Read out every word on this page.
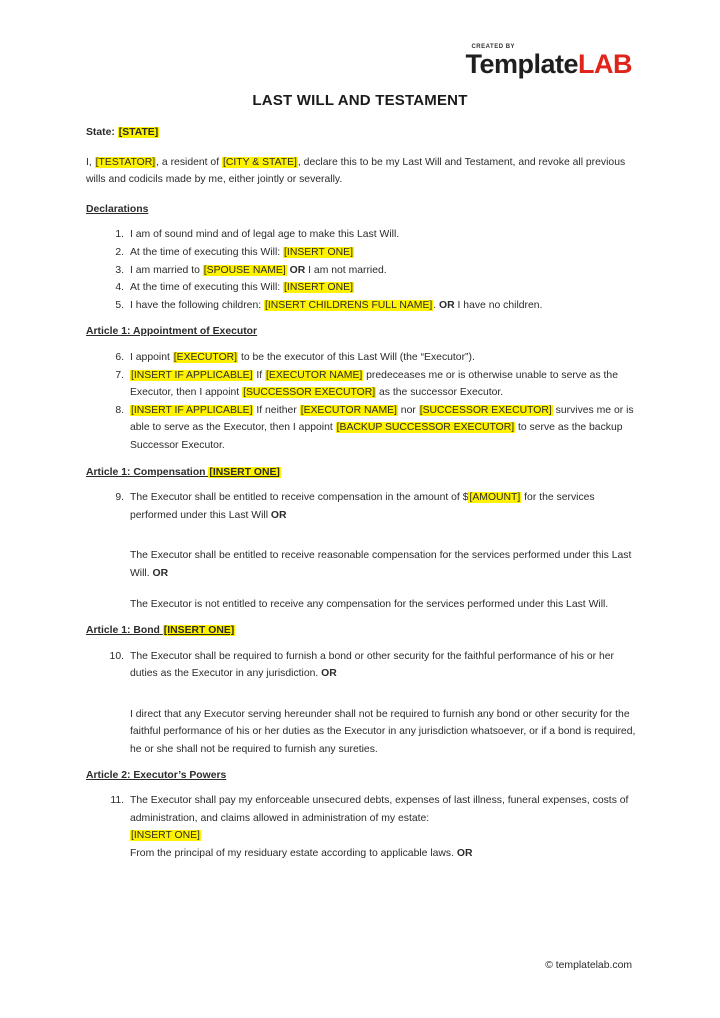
CREATED BY
TemplateLAB
LAST WILL AND TESTAMENT

State: [STATE]

I, [TESTATOR], a resident of [CITY & STATE], declare this to be my Last Will and Testament, and revoke all previous wills and codicils made by me, either jointly or severally.

Declarations
1. I am of sound mind and of legal age to make this Last Will.
2. At the time of executing this Will: [INSERT ONE]
3. I am married to [SPOUSE NAME] OR I am not married.
4. At the time of executing this Will: [INSERT ONE]
5. I have the following children: [INSERT CHILDRENS FULL NAME]. OR I have no children.
Article 1: Appointment of Executor
6. I appoint [EXECUTOR] to be the executor of this Last Will (the “Executor”).
7. [INSERT IF APPLICABLE] If [EXECUTOR NAME] predeceases me or is otherwise unable to serve as the Executor, then I appoint [SUCCESSOR EXECUTOR] as the successor Executor.
8. [INSERT IF APPLICABLE] If neither [EXECUTOR NAME] nor [SUCCESSOR EXECUTOR] survives me or is able to serve as the Executor, then I appoint [BACKUP SUCCESSOR EXECUTOR] to serve as the backup Successor Executor.
Article 1: Compensation [INSERT ONE]
9. The Executor shall be entitled to receive compensation in the amount of $[AMOUNT] for the services performed under this Last Will OR

The Executor shall be entitled to receive reasonable compensation for the services performed under this Last Will. OR

The Executor is not entitled to receive any compensation for the services performed under this Last Will.

Article 1: Bond [INSERT ONE]
10. The Executor shall be required to furnish a bond or other security for the faithful performance of his or her duties as the Executor in any jurisdiction. OR

I direct that any Executor serving hereunder shall not be required to furnish any bond or other security for the faithful performance of his or her duties as the Executor in any jurisdiction whatsoever, or if a bond is required, he or she shall not be required to furnish any sureties.

Article 2: Executor’s Powers
11. The Executor shall pay my enforceable unsecured debts, expenses of last illness, funeral expenses, costs of administration, and claims allowed in administration of my estate:

[INSERT ONE]

From the principal of my residuary estate according to applicable laws. OR

© templatelab.com
